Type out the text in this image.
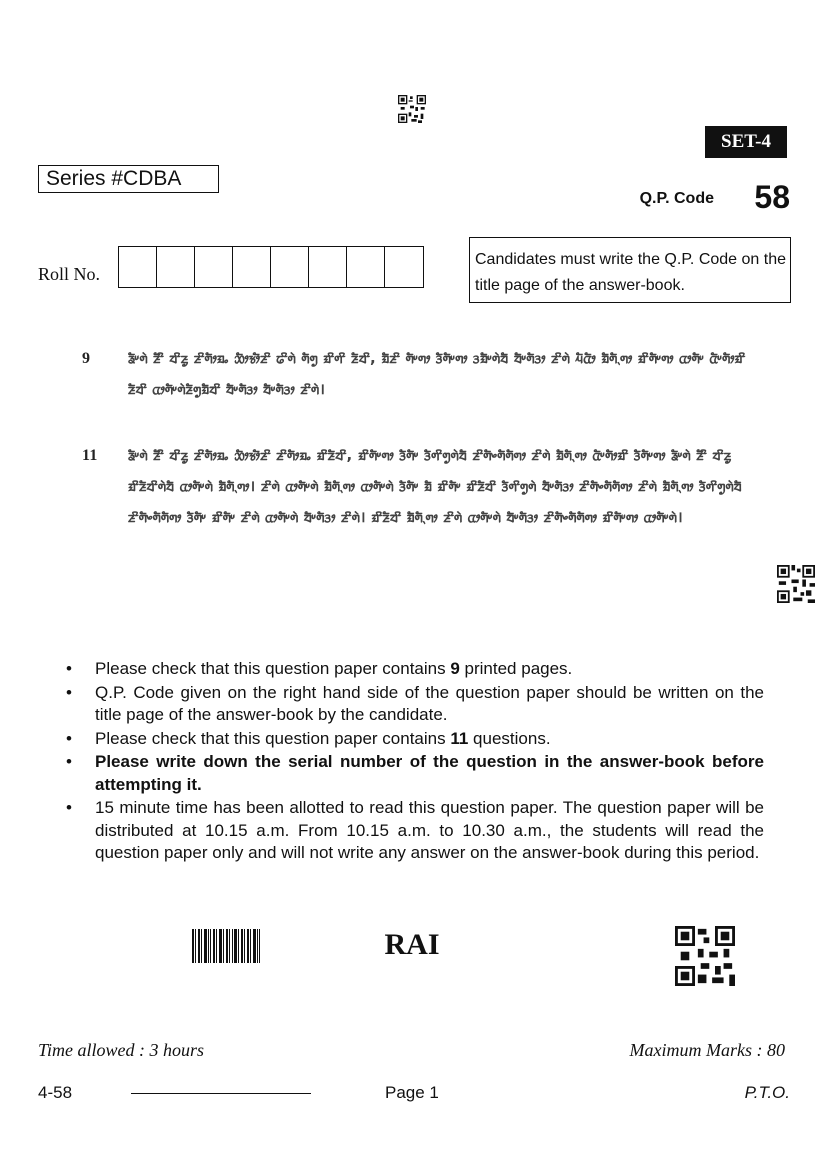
SET-4
Series #CDBA
Q.P. Code	58
Roll No.
Candidates must write the Q.P. Code on the title page of the answer-book.
9	ᤕᤠᤸᤛᤧ ᤏᤠᤡ ᤔᤡᤏᤢ ᤏᤡᤛᤥᤀᤱ ᤑᤥᤃᤣᤠᤏᤡ ᤒᤡᤛᤧ ᤛᤠᤛᤢ ᤀᤡᤛᤡ ᤏᤠᤔᤡ, ᤀᤠᤏᤡ ᤛᤠᤸᤛᤣ ᤋᤠᤛᤠᤸᤛᤣ ᤋᤀᤠᤸᤛᤧᤔᤠ ᤔᤠᤸᤛᤠᤋᤣ ᤏᤡᤛᤧ ᤘᤠᤂᤥ ᤀᤠᤛᤠᤷᤛᤣ ᤀᤡᤛᤠᤸᤛᤣ ᤂᤣᤛᤠᤸ ᤂᤠᤸᤛᤥᤀᤡ ᤏᤠᤔᤡ ᤂᤣᤛᤠᤸᤛᤧᤏᤠᤛᤢᤀᤠᤔᤡ ᤔᤠᤸᤛᤠᤋᤣ ᤔᤠᤸᤛᤠᤋᤣ ᤏᤡᤛᤧ।
11	ᤕᤠᤸᤛᤧ ᤏᤠᤡ ᤔᤡᤏᤢ ᤏᤡᤛᤥᤀᤱ ᤑᤥᤃᤣᤠᤏᤡ ᤏᤡᤛᤥᤀᤱ ᤀᤡᤏᤠᤔᤡ, ᤀᤡᤛᤠᤸᤛᤣ ᤋᤠᤛᤠᤸ ᤋᤠᤛᤡᤛᤢᤛᤧᤔᤠ ᤏᤡᤛᤠᤴᤛᤠᤛᤠᤛᤣ ᤏᤡᤛᤧ ᤀᤠᤛᤠᤷᤛᤣ ᤂᤠᤸᤛᤥᤀᤡ ᤋᤠᤛᤠᤸᤛᤣ ᤕᤠᤸᤛᤧ ᤏᤠᤡ ᤔᤡᤏᤢ ᤀᤡᤏᤠᤔᤡᤛᤧᤔᤠ ᤂᤣᤛᤠᤸᤛᤧ ᤀᤠᤛᤠᤷᤛᤣ। ᤏᤡᤛᤧ ᤂᤣᤛᤠᤸᤛᤧ ᤀᤠᤛᤠᤷᤛᤣ ᤂᤣᤛᤠᤸᤛᤧ ᤋᤠᤛᤠᤸ ᤀᤠ ᤀᤡᤛᤠᤸ ᤀᤡᤏᤠᤔᤡ ᤋᤠᤛᤡᤛᤢᤛᤧ ᤔᤠᤸᤛᤠᤋᤣ ᤏᤡᤛᤠᤴᤛᤠᤛᤠᤛᤣ ᤏᤡᤛᤧ ᤀᤠᤛᤠᤷᤛᤣ ᤋᤠᤛᤡᤛᤢᤛᤧᤔᤠ ᤏᤡᤛᤠᤴᤛᤠᤛᤠᤛᤣ ᤋᤠᤛᤠᤸ ᤀᤡᤛᤠᤸ ᤏᤡᤛᤧ ᤂᤣᤛᤠᤸᤛᤧ ᤔᤠᤸᤛᤠᤋᤣ ᤏᤡᤛᤧ। ᤀᤡᤏᤠᤔᤡ ᤀᤠᤛᤠᤷᤛᤣ ᤏᤡᤛᤧ ᤂᤣᤛᤠᤸᤛᤧ ᤔᤠᤸᤛᤠᤋᤣ ᤏᤡᤛᤠᤴᤛᤠᤛᤠᤛᤣ ᤀᤡᤛᤠᤸᤛᤣ ᤂᤣᤛᤠᤸᤛᤧ।
• Please check that this question paper contains 9 printed pages.
• Q.P. Code given on the right hand side of the question paper should be written on the title page of the answer-book by the candidate.
• Please check that this question paper contains 11 questions.
• Please write down the serial number of the question in the answer-book before attempting it.
• 15 minute time has been allotted to read this question paper. The question paper will be distributed at 10.15 a.m. From 10.15 a.m. to 10.30 a.m., the students will read the question paper only and will not write any answer on the answer-book during this period.
RAI
Time allowed : 3 hours	Maximum Marks : 80
4-58	Page 1	P.T.O.
